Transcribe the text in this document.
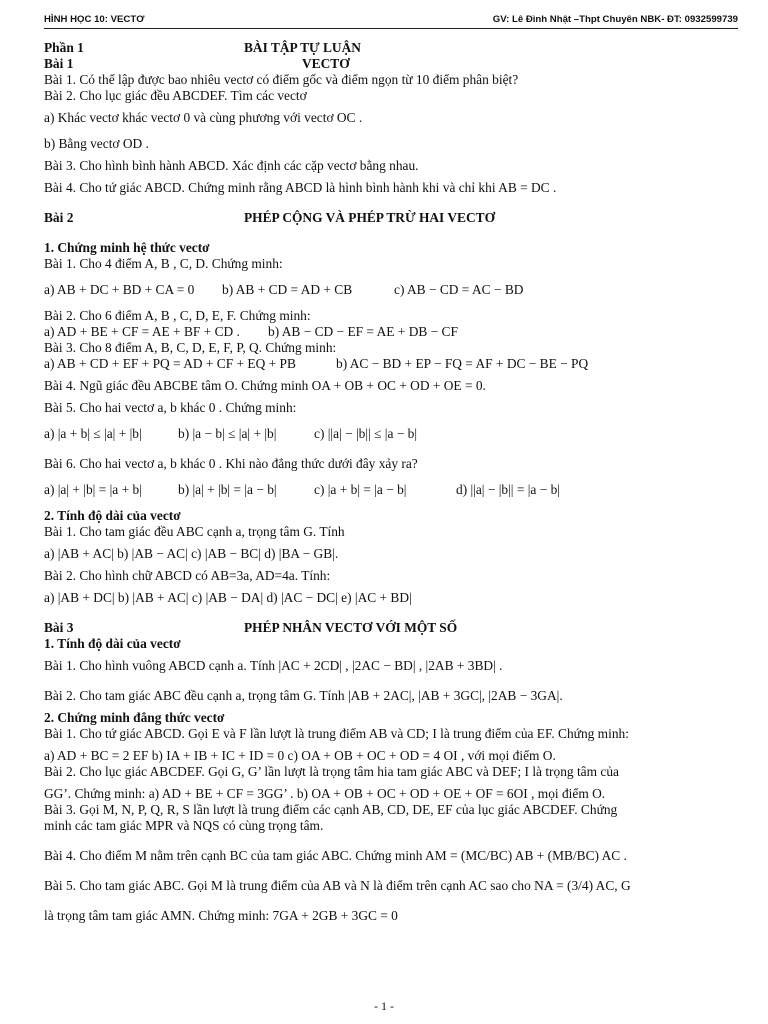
HÌNH HỌC 10: VECTƠ	GV: Lê Đình Nhật –Thpt Chuyên NBK- ĐT: 0932599739
Phần 1	BÀI TẬP TỰ LUẬN
Bài 1	VECTƠ

Bài 1. Có thể lập được bao nhiêu vectơ có điểm gốc và điểm ngọn từ 10 điểm phân biệt?

Bài 2. Cho lục giác đều ABCDEF. Tìm các vectơ

a) Khác vectơ khác vectơ 0 và cùng phương với vectơ OC .

b) Bằng vectơ OD .

Bài 3. Cho hình bình hành ABCD. Xác định các cặp vectơ bằng nhau.

Bài 4. Cho tứ giác ABCD. Chứng minh rằng ABCD là hình bình hành khi và chỉ khi AB = DC .

Bài 2	PHÉP CỘNG VÀ PHÉP TRỪ HAI VECTƠ

1. Chứng minh hệ thức vectơ

Bài 1. Cho 4 điểm A, B , C, D. Chứng minh:

a) AB + DC + BD + CA = 0	b) AB + CD = AD + CB	c) AB − CD = AC − BD

Bài 2. Cho 6 điểm A, B , C, D, E, F. Chứng minh:

a) AD + BE + CF = AE + BF + CD .	b) AB − CD − EF = AE + DB − CF

Bài 3. Cho 8 điểm A, B, C, D, E, F, P, Q. Chứng minh:

a) AB + CD + EF + PQ = AD + CF + EQ + PB	b) AC − BD + EP − FQ = AF + DC − BE − PQ

Bài 4. Ngũ giác đều ABCBE tâm O. Chứng minh OA + OB + OC + OD + OE = 0.

Bài 5. Cho hai vectơ a, b khác 0 . Chứng minh:

a) |a + b| ≤ |a| + |b|	b) |a − b| ≤ |a| + |b|	c) ||a| − |b|| ≤ |a − b|

Bài 6. Cho hai vectơ a, b khác 0 . Khi nào đẳng thức dưới đây xảy ra?

a) |a| + |b| = |a + b|	b) |a| + |b| = |a − b|	c) |a + b| = |a − b|	d) ||a| − |b|| = |a − b|

2. Tính độ dài của vectơ

Bài 1. Cho tam giác đều ABC cạnh a, trọng tâm G. Tính

a) |AB + AC| b) |AB − AC| c) |AB − BC| d) |BA − GB|.

Bài 2. Cho hình chữ ABCD có AB=3a, AD=4a. Tính:

a) |AB + DC| b) |AB + AC| c) |AB − DA| d) |AC − DC| e) |AC + BD|

Bài 3	PHÉP NHÂN VECTƠ VỚI MỘT SỐ

1. Tính độ dài của vectơ

Bài 1. Cho hình vuông ABCD cạnh a. Tính |AC + 2CD| , |2AC − BD| , |2AB + 3BD| .

Bài 2. Cho tam giác ABC đều cạnh a, trọng tâm G. Tính |AB + 2AC|, |AB + 3GC|, |2AB − 3GA|.

2. Chứng minh đẳng thức vectơ

Bài 1. Cho tứ giác ABCD. Gọi E và F lần lượt là trung điểm AB và CD; I là trung điểm của EF. Chứng minh:

a) AD + BC = 2 EF b) IA + IB + IC + ID = 0 c) OA + OB + OC + OD = 4 OI , với mọi điểm O.

Bài 2. Cho lục giác ABCDEF. Gọi G, G’ lần lượt là trọng tâm hia tam giác ABC và DEF; I là trọng tâm của

GG’. Chứng minh: a) AD + BE + CF = 3GG’ . b) OA + OB + OC + OD + OE + OF = 6OI , mọi điểm O.

Bài 3. Gọi M, N, P, Q, R, S lần lượt là trung điểm các cạnh AB, CD, DE, EF của lục giác ABCDEF. Chứng

minh các tam giác MPR và NQS có cùng trọng tâm.

Bài 4. Cho điểm M nằm trên cạnh BC của tam giác ABC. Chứng minh AM = (MC/BC) AB + (MB/BC) AC .

Bài 5. Cho tam giác ABC. Gọi M là trung điểm của AB và N là điểm trên cạnh AC sao cho NA = (3/4) AC, G

là trọng tâm tam giác AMN. Chứng minh: 7GA + 2GB + 3GC = 0

- 1 -
